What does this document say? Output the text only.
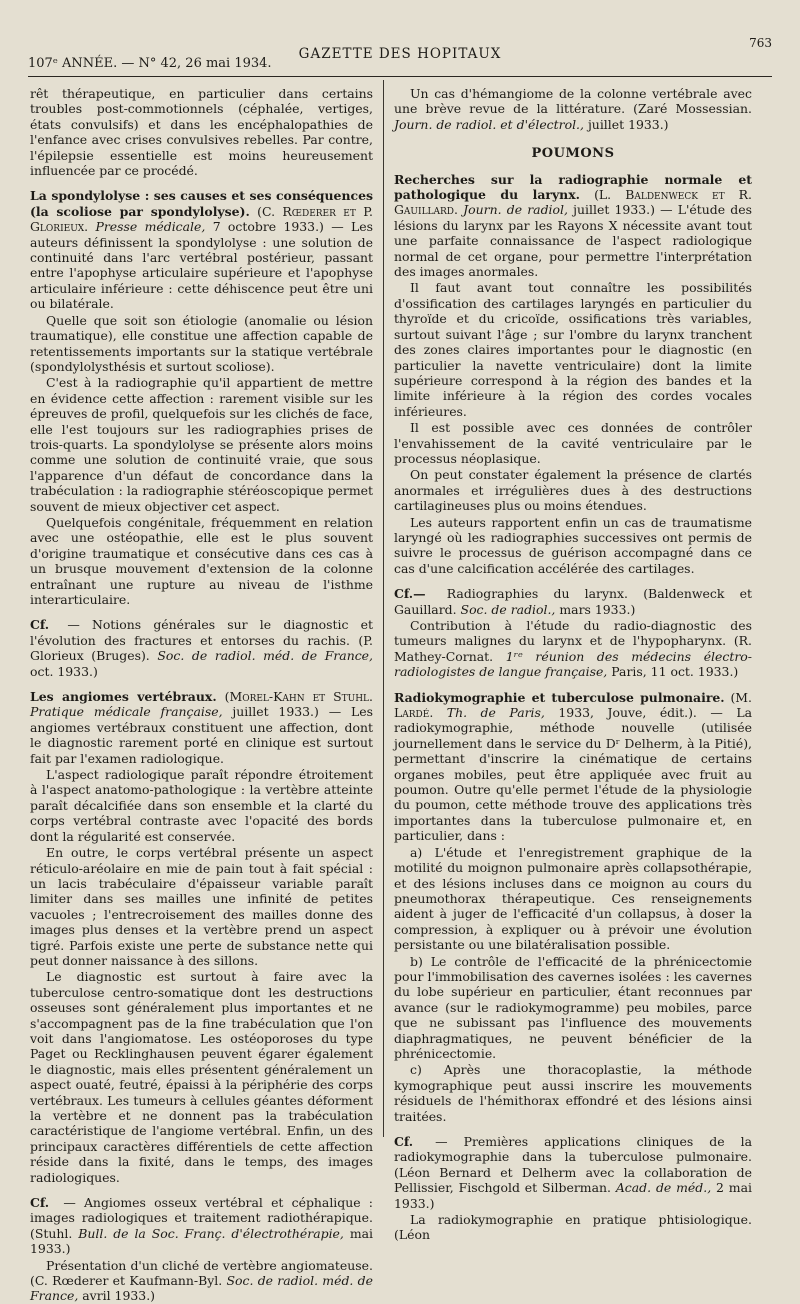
107ᵉ ANNÉE. — N° 42, 26 mai 1934.
GAZETTE DES HOPITAUX
763

rêt thérapeutique, en particulier dans certains troubles post-commotionnels (céphalée, vertiges, états convulsifs) et dans les encéphalopathies de l'enfance avec crises convulsives rebelles. Par contre, l'épilepsie essentielle est moins heureusement influencée par ce procédé.

La spondylolyse : ses causes et ses conséquences (la scoliose par spondylolyse). (C. Rœderer et P. Glorieux. Presse médicale, 7 octobre 1933.) — Les auteurs définissent la spondylolyse : une solution de continuité dans l'arc vertébral postérieur, passant entre l'apophyse articulaire supérieure et l'apophyse articulaire inférieure : cette déhiscence peut être uni ou bilatérale.

Quelle que soit son étiologie (anomalie ou lésion traumatique), elle constitue une affection capable de retentissements importants sur la statique vertébrale (spondylolysthésis et surtout scoliose).

C'est à la radiographie qu'il appartient de mettre en évidence cette affection : rarement visible sur les épreuves de profil, quelquefois sur les clichés de face, elle l'est toujours sur les radiographies prises de trois-quarts. La spondylolyse se présente alors moins comme une solution de continuité vraie, que sous l'apparence d'un défaut de concordance dans la trabéculation : la radiographie stéréoscopique permet souvent de mieux objectiver cet aspect.

Quelquefois congénitale, fréquemment en relation avec une ostéopathie, elle est le plus souvent d'origine traumatique et consécutive dans ces cas à un brusque mouvement d'extension de la colonne entraînant une rupture au niveau de l'isthme interarticulaire.

Cf. — Notions générales sur le diagnostic et l'évolution des fractures et entorses du rachis. (P. Glorieux (Bruges). Soc. de radiol. méd. de France, oct. 1933.)

Les angiomes vertébraux. (Morel-Kahn et Stuhl. Pratique médicale française, juillet 1933.) — Les angiomes vertébraux constituent une affection, dont le diagnostic rarement porté en clinique est surtout fait par l'examen radiologique.

L'aspect radiologique paraît répondre étroitement à l'aspect anatomo-pathologique : la vertèbre atteinte paraît décalcifiée dans son ensemble et la clarté du corps vertébral contraste avec l'opacité des bords dont la régularité est conservée.

En outre, le corps vertébral présente un aspect réticulo-aréolaire en mie de pain tout à fait spécial : un lacis trabéculaire d'épaisseur variable paraît limiter dans ses mailles une infinité de petites vacuoles ; l'entrecroisement des mailles donne des images plus denses et la vertèbre prend un aspect tigré. Parfois existe une perte de substance nette qui peut donner naissance à des sillons.

Le diagnostic est surtout à faire avec la tuberculose centro-somatique dont les destructions osseuses sont généralement plus importantes et ne s'accompagnent pas de la fine trabéculation que l'on voit dans l'angiomatose. Les ostéoporoses du type Paget ou Recklinghausen peuvent égarer également le diagnostic, mais elles présentent généralement un aspect ouaté, feutré, épaissi à la périphérie des corps vertébraux. Les tumeurs à cellules géantes déforment la vertèbre et ne donnent pas la trabéculation caractéristique de l'angiome vertébral. Enfin, un des principaux caractères différentiels de cette affection réside dans la fixité, dans le temps, des images radiologiques.

Cf. — Angiomes osseux vertébral et céphalique : images radiologiques et traitement radiothérapique. (Stuhl. Bull. de la Soc. Franç. d'électrothérapie, mai 1933.)

Présentation d'un cliché de vertèbre angiomateuse. (C. Rœderer et Kaufmann-Byl. Soc. de radiol. méd. de France, avril 1933.)

Un cas d'hémangiome de la colonne vertébrale avec une brève revue de la littérature. (Zaré Mossessian. Journ. de radiol. et d'électrol., juillet 1933.)

POUMONS

Recherches sur la radiographie normale et pathologique du larynx. (L. Baldenweck et R. Gauillard. Journ. de radiol, juillet 1933.) — L'étude des lésions du larynx par les Rayons X nécessite avant tout une parfaite connaissance de l'aspect radiologique normal de cet organe, pour permettre l'interprétation des images anormales.

Il faut avant tout connaître les possibilités d'ossification des cartilages laryngés en particulier du thyroïde et du cricoïde, ossifications très variables, surtout suivant l'âge ; sur l'ombre du larynx tranchent des zones claires importantes pour le diagnostic (en particulier la navette ventriculaire) dont la limite supérieure correspond à la région des bandes et la limite inférieure à la région des cordes vocales inférieures.

Il est possible avec ces données de contrôler l'envahissement de la cavité ventriculaire par le processus néoplasique.

On peut constater également la présence de clartés anormales et irrégulières dues à des destructions cartilagineuses plus ou moins étendues.

Les auteurs rapportent enfin un cas de traumatisme laryngé où les radiographies successives ont permis de suivre le processus de guérison accompagné dans ce cas d'une calcification accélérée des cartilages.

Cf.— Radiographies du larynx. (Baldenweck et Gauillard. Soc. de radiol., mars 1933.)

Contribution à l'étude du radio-diagnostic des tumeurs malignes du larynx et de l'hypopharynx. (R. Mathey-Cornat. 1ʳᵉ réunion des médecins électro-radiologistes de langue française, Paris, 11 oct. 1933.)

Radiokymographie et tuberculose pulmonaire. (M. Lardé. Th. de Paris, 1933, Jouve, édit.). — La radiokymographie, méthode nouvelle (utilisée journellement dans le service du Dʳ Delherm, à la Pitié), permettant d'inscrire la cinématique de certains organes mobiles, peut être appliquée avec fruit au poumon. Outre qu'elle permet l'étude de la physiologie du poumon, cette méthode trouve des applications très importantes dans la tuberculose pulmonaire et, en particulier, dans :

a) L'étude et l'enregistrement graphique de la motilité du moignon pulmonaire après collapsothérapie, et des lésions incluses dans ce moignon au cours du pneumothorax thérapeutique. Ces renseignements aident à juger de l'efficacité d'un collapsus, à doser la compression, à expliquer ou à prévoir une évolution persistante ou une bilatéralisation possible.

b) Le contrôle de l'efficacité de la phrénicectomie pour l'immobilisation des cavernes isolées : les cavernes du lobe supérieur en particulier, étant reconnues par avance (sur le radiokymogramme) peu mobiles, parce que ne subissant pas l'influence des mouvements diaphragmatiques, ne peuvent bénéficier de la phrénicectomie.

c) Après une thoracoplastie, la méthode kymographique peut aussi inscrire les mouvements résiduels de l'hémithorax effondré et des lésions ainsi traitées.

Cf. — Premières applications cliniques de la radiokymographie dans la tuberculose pulmonaire. (Léon Bernard et Delherm avec la collaboration de Pellissier, Fischgold et Silberman. Acad. de méd., 2 mai 1933.)

La radiokymographie en pratique phtisiologique. (Léon
